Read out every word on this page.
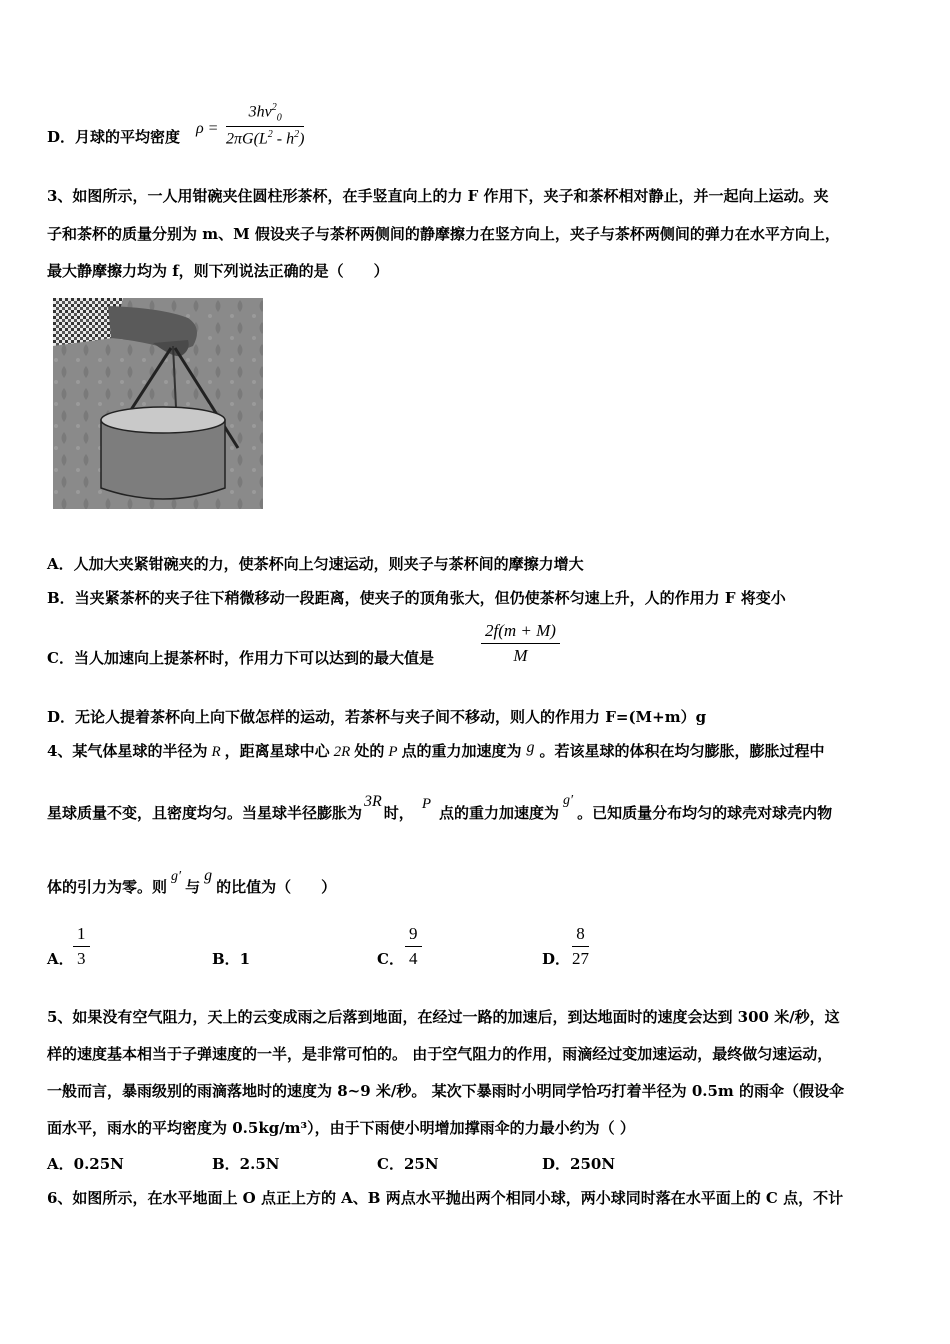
D．月球的平均密度 $\rho = \frac{3hv^2_0}{2\pi G(L^2 - h^2)}$
3、如图所示，一人用钳碗夹住圆柱形茶杯，在手竖直向上的力 F 作用下，夹子和茶杯相对静止，并一起向上运动。夹
子和茶杯的质量分别为 m、M 假设夹子与茶杯两侧间的静摩擦力在竖方向上，夹子与茶杯两侧间的弹力在水平方向上，
最大静摩擦力均为 f，则下列说法正确的是（　　）
A．人加大夹紧钳碗夹的力，使茶杯向上匀速运动，则夹子与茶杯间的摩擦力增大
B．当夹紧茶杯的夹子往下稍微移动一段距离，使夹子的顶角张大，但仍使茶杯匀速上升，人的作用力 F 将变小
C．当人加速向上提茶杯时，作用力下可以达到的最大值是	$\frac{2f(m + M)}{M}$
D．无论人提着茶杯向上向下做怎样的运动，若茶杯与夹子间不移动，则人的作用力 F=(M+m）g
4、某气体星球的半径为 R ，距离星球中心 2R 处的 P 点的重力加速度为 g 。若该星球的体积在均匀膨胀，膨胀过程中
星球质量不变，且密度均匀。当星球半径膨胀为3R时， P 点的重力加速度为g′。已知质量分布均匀的球壳对球壳内物
体的引力为零。则g′与g的比值为（　　）
A． $\frac{1}{3}$	B．1	C． $\frac{9}{4}$	D． $\frac{8}{27}$
5、如果没有空气阻力，天上的云变成雨之后落到地面，在经过一路的加速后，到达地面时的速度会达到 300 米/秒，这
样的速度基本相当于子弹速度的一半，是非常可怕的。 由于空气阻力的作用，雨滴经过变加速运动，最终做匀速运动，
一般而言，暴雨级别的雨滴落地时的速度为 8~9 米/秒。 某次下暴雨时小明同学恰巧打着半径为 0.5m 的雨伞（假设伞
面水平，雨水的平均密度为 0.5kg/m³），由于下雨使小明增加撑雨伞的力最小约为（ ）
A．0.25N	B．2.5N	C．25N	D．250N
6、如图所示，在水平地面上 O 点正上方的 A、B 两点水平抛出两个相同小球，两小球同时落在水平面上的 C 点，不计
